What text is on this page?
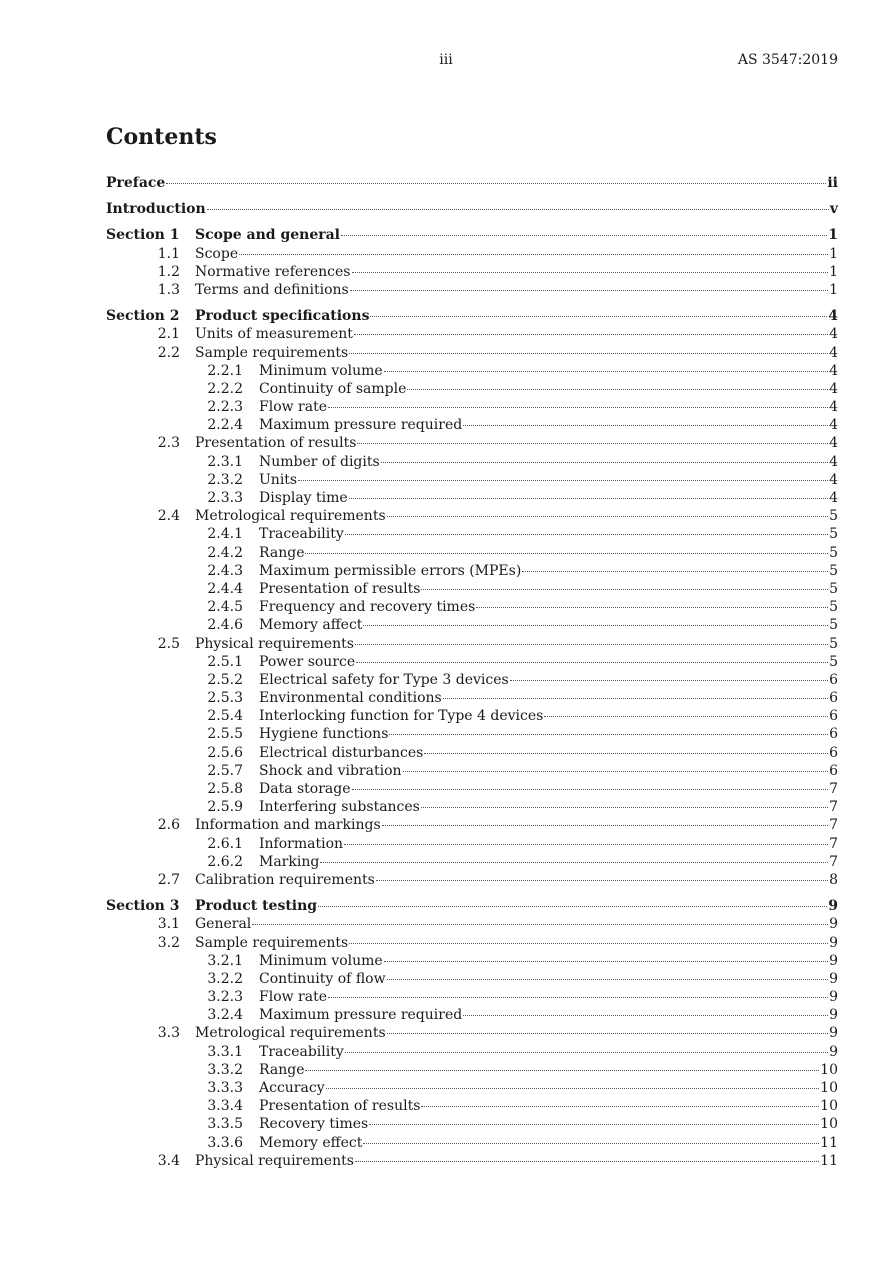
iii	AS 3547:2019
Contents
Preface	ii
Introduction	v
Section 1	Scope and general	1
1.1	Scope	1
1.2	Normative references	1
1.3	Terms and definitions	1
Section 2	Product specifications	4
2.1	Units of measurement	4
2.2	Sample requirements	4
2.2.1	Minimum volume	4
2.2.2	Continuity of sample	4
2.2.3	Flow rate	4
2.2.4	Maximum pressure required	4
2.3	Presentation of results	4
2.3.1	Number of digits	4
2.3.2	Units	4
2.3.3	Display time	4
2.4	Metrological requirements	5
2.4.1	Traceability	5
2.4.2	Range	5
2.4.3	Maximum permissible errors (MPEs)	5
2.4.4	Presentation of results	5
2.4.5	Frequency and recovery times	5
2.4.6	Memory affect	5
2.5	Physical requirements	5
2.5.1	Power source	5
2.5.2	Electrical safety for Type 3 devices	6
2.5.3	Environmental conditions	6
2.5.4	Interlocking function for Type 4 devices	6
2.5.5	Hygiene functions	6
2.5.6	Electrical disturbances	6
2.5.7	Shock and vibration	6
2.5.8	Data storage	7
2.5.9	Interfering substances	7
2.6	Information and markings	7
2.6.1	Information	7
2.6.2	Marking	7
2.7	Calibration requirements	8
Section 3	Product testing	9
3.1	General	9
3.2	Sample requirements	9
3.2.1	Minimum volume	9
3.2.2	Continuity of flow	9
3.2.3	Flow rate	9
3.2.4	Maximum pressure required	9
3.3	Metrological requirements	9
3.3.1	Traceability	9
3.3.2	Range	10
3.3.3	Accuracy	10
3.3.4	Presentation of results	10
3.3.5	Recovery times	10
3.3.6	Memory effect	11
3.4	Physical requirements	11
